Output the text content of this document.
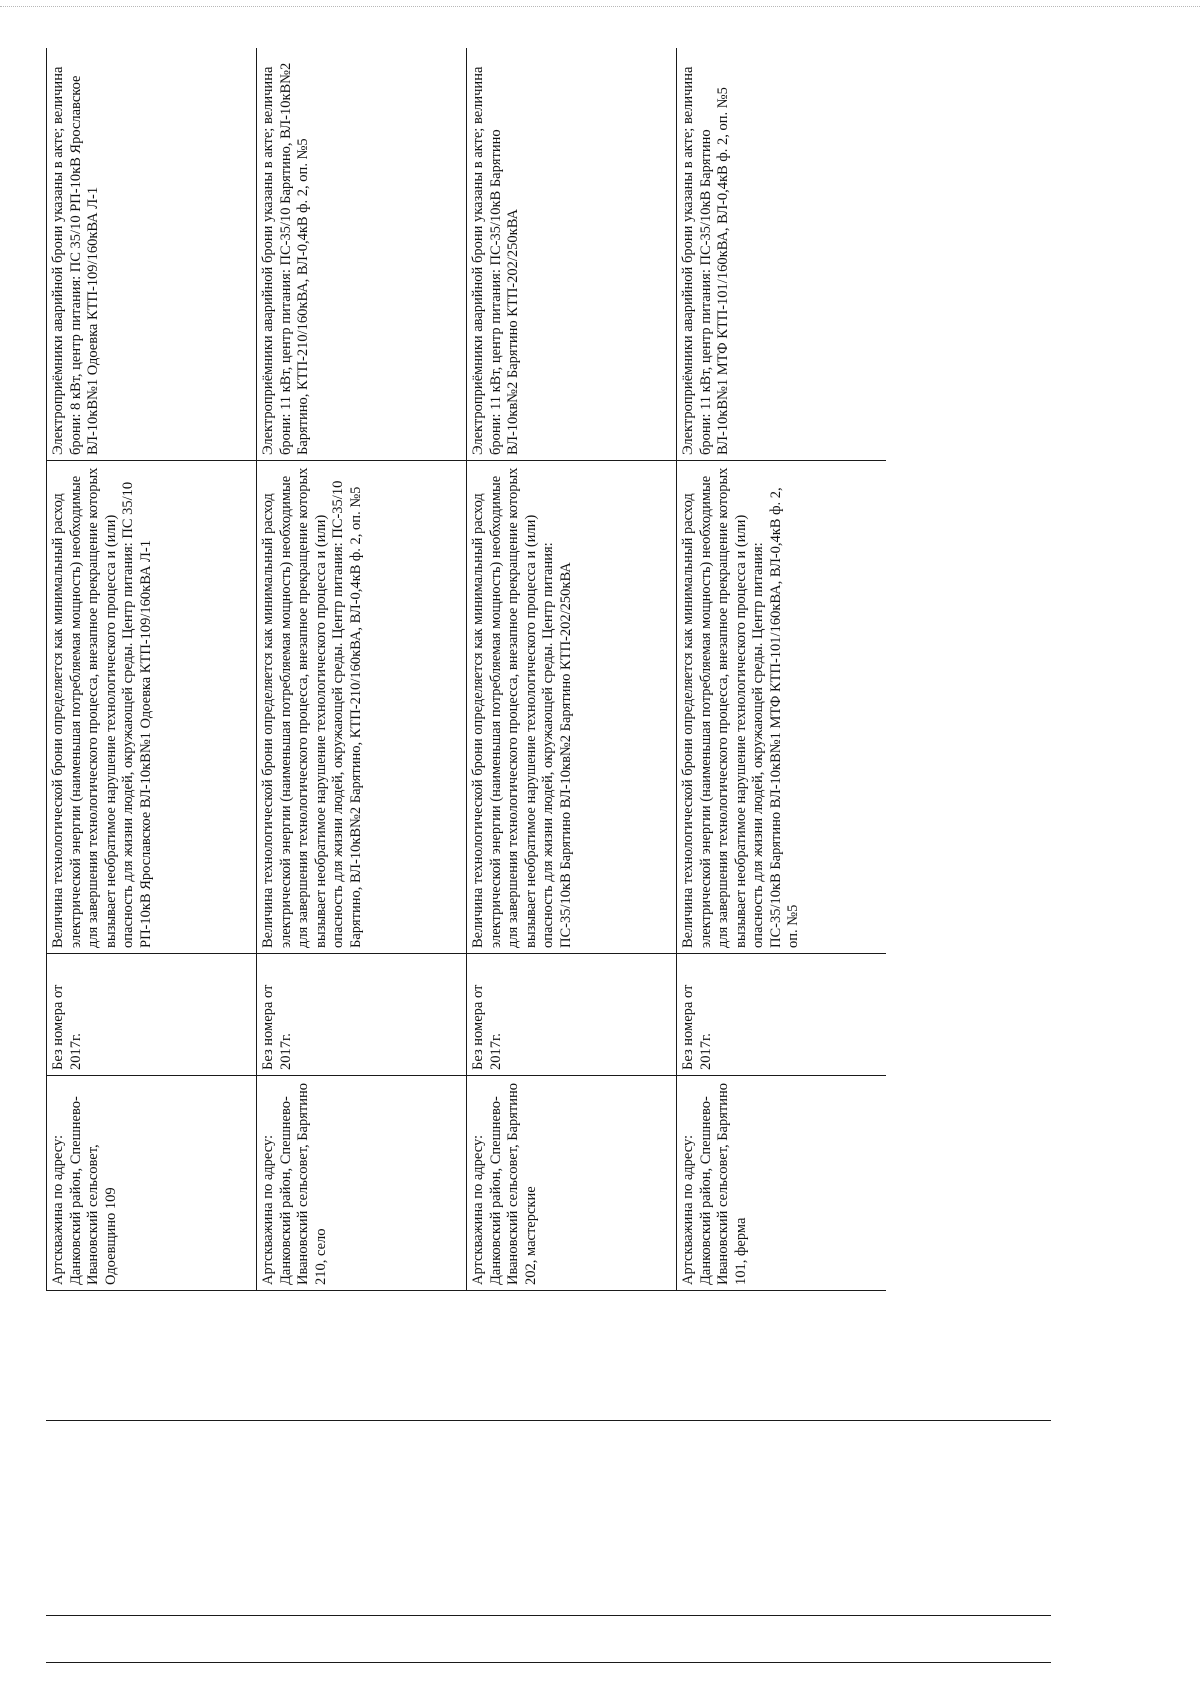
Артскважина по адресу: Данковский район, Спешнево-Ивановский сельсовет, Одоевщино 109	Без номера от 2017г.	Величина технологической брони определяется как минимальный расход электрической энергии (наименьшая потребляемая мощность) необходимые для завершения технологического процесса, внезапное прекращение которых вызывает необратимое нарушение технологического процесса и (или) опасность для жизни людей, окружающей среды. Центр питания: ПС 35/10 РП-10кВ Ярославское ВЛ-10кВ№1 Одоевка КТП-109/160кВА Л-1	Электроприёмники аварийной брони указаны в акте; величина брони: 8 кВт, центр питания: ПС 35/10 РП-10кВ Ярославское ВЛ-10кВ№1 Одоевка КТП-109/160кВА Л-1
Артскважина по адресу: Данковский район, Спешнево-Ивановский сельсовет, Барятино 210, село	Без номера от 2017г.	Величина технологической брони определяется как минимальный расход электрической энергии (наименьшая потребляемая мощность) необходимые для завершения технологического процесса, внезапное прекращение которых вызывает необратимое нарушение технологического процесса и (или) опасность для жизни людей, окружающей среды. Центр питания: ПС-35/10 Барятино, ВЛ-10кВ№2 Барятино, КТП-210/160кВА, ВЛ-0,4кВ ф. 2, оп. №5	Электроприёмники аварийной брони указаны в акте; величина брони: 11 кВт, центр питания: ПС-35/10 Барятино, ВЛ-10кВ№2 Барятино, КТП-210/160кВА, ВЛ-0,4кВ ф. 2, оп. №5
Артскважина по адресу: Данковский район, Спешнево-Ивановский сельсовет, Барятино 202, мастерские	Без номера от 2017г.	Величина технологической брони определяется как минимальный расход электрической энергии (наименьшая потребляемая мощность) необходимые для завершения технологического процесса, внезапное прекращение которых вызывает необратимое нарушение технологического процесса и (или) опасность для жизни людей, окружающей среды. Центр питания: ПС-35/10кВ Барятино ВЛ-10кв№2 Барятино КТП-202/250кВА	Электроприёмники аварийной брони указаны в акте; величина брони: 11 кВт, центр питания: ПС-35/10кВ Барятино ВЛ-10кв№2 Барятино КТП-202/250кВА
Артскважина по адресу: Данковский район, Спешнево-Ивановский сельсовет, Барятино 101, ферма	Без номера от 2017г.	Величина технологической брони определяется как минимальный расход электрической энергии (наименьшая потребляемая мощность) необходимые для завершения технологического процесса, внезапное прекращение которых вызывает необратимое нарушение технологического процесса и (или) опасность для жизни людей, окружающей среды. Центр питания: ПС-35/10кВ Барятино ВЛ-10кВ№1 МТФ КТП-101/160кВА, ВЛ-0,4кВ ф. 2, оп. №5	Электроприёмники аварийной брони указаны в акте; величина брони: 11 кВт, центр питания: ПС-35/10кВ Барятино ВЛ-10кВ№1 МТФ КТП-101/160кВА, ВЛ-0,4кВ ф. 2, оп. №5
